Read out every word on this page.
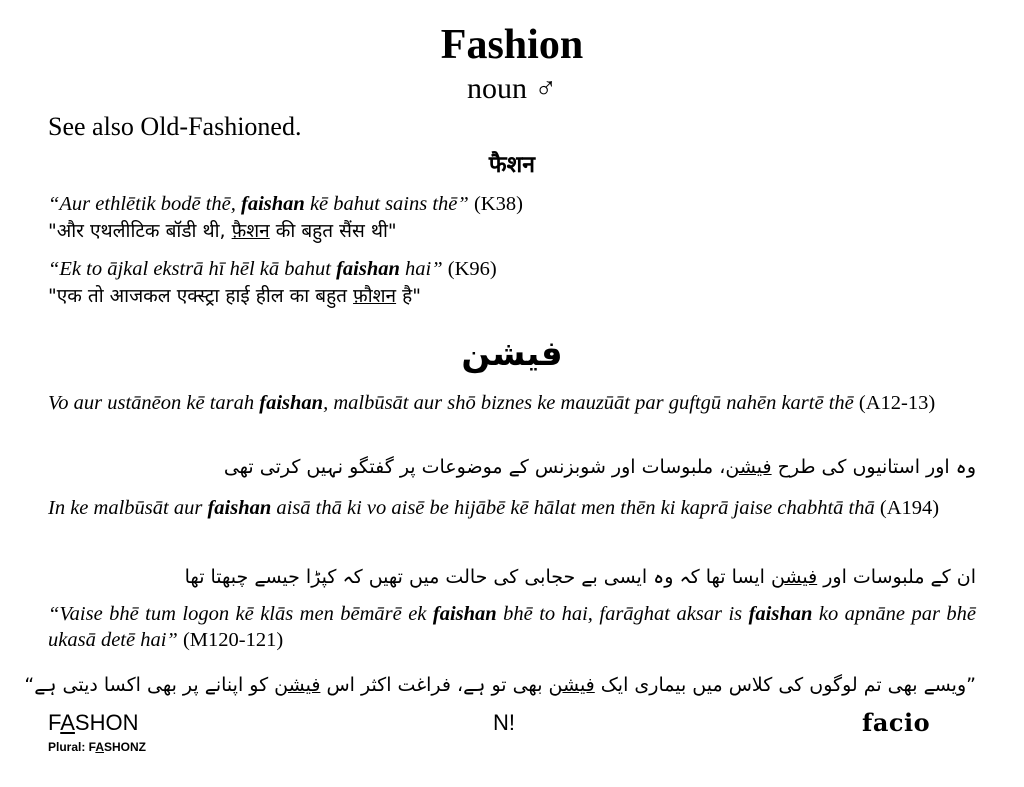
Fashion
noun ♂
See also Old-Fashioned.
फैशन
“Aur ethlētik bodē thē, faishan kē bahut sains thē” (K38)
"और एथलीटिक बॉडी थी, फ़ैशन की बहुत सैंस थी"
“Ek to ājkal ekstrā hī hēl kā bahut faishan hai” (K96)
"एक तो आजकल एक्स्ट्रा हाई हील का बहुत फ़ौशन है"
فیشن
Vo aur ustānēon kē tarah faishan, malbūsāt aur shō biznes ke mauzūāt par guftgū nahēn kartē thē (A12-13)
وہ اور استانیوں کی طرح فیشن، ملبوسات اور شوبزنس کے موضوعات پر گفتگو نہیں کرتی تھی
In ke malbūsāt aur faishan aisā thā ki vo aisē be hijābē kē hālat men thēn ki kaprā jaise chabhtā thā (A194)
ان کے ملبوسات اور فیشن ایسا تھا کہ وہ ایسی بے حجابی کی حالت میں تھیں کہ کپڑا جیسے چبھتا تھا
“Vaise bhē tum logon kē klās men bēmārē ek faishan bhē to hai, farāghat aksar is faishan ko apnāne par bhē ukasā detē hai” (M120-121)
”ویسے بھی تم لوگوں کی کلاس میں بیماری ایک فیشن بھی تو ہے، فراغت اکثر اس فیشن کو اپنانے پر بھی اکسا دیتی ہے“
FASHON	N!	facio
Plural: FASHONZ
